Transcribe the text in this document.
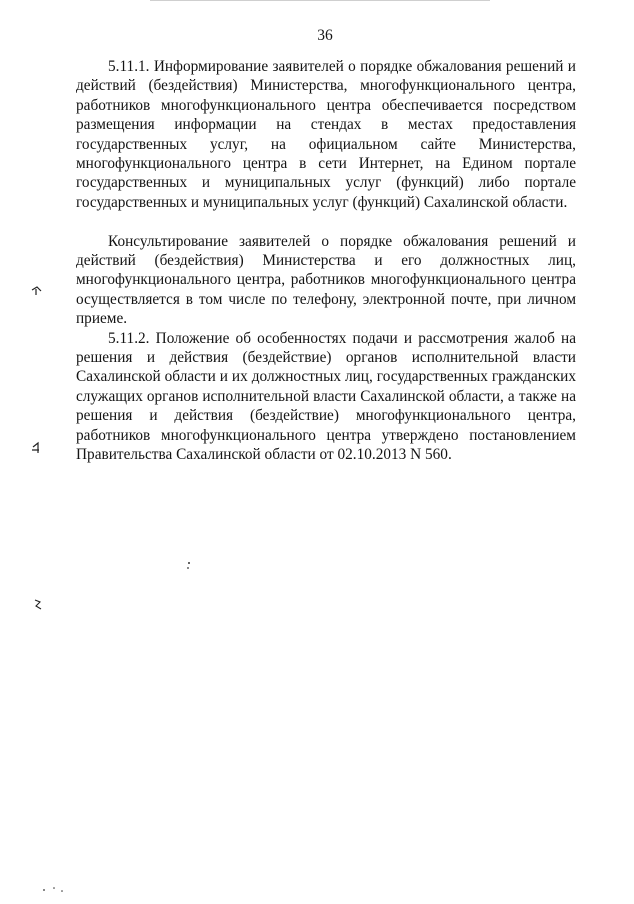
36

5.11.1. Информирование заявителей о порядке обжалования решений и действий (бездействия) Министерства, многофункционального центра, работников многофункционального центра обеспечивается посредством размещения информации на стендах в местах предоставления государственных услуг, на официальном сайте Министерства, многофункционального центра в сети Интернет, на Едином портале государственных и муниципальных услуг (функций) либо портале государственных и муниципальных услуг (функций) Сахалинской области.

Консультирование заявителей о порядке обжалования решений и действий (бездействия) Министерства и его должностных лиц, многофункционального центра, работников многофункционального центра осуществляется в том числе по телефону, электронной почте, при личном приеме.

5.11.2. Положение об особенностях подачи и рассмотрения жалоб на решения и действия (бездействие) органов исполнительной власти Сахалинской области и их должностных лиц, государственных гражданских служащих органов исполнительной власти Сахалинской области, а также на решения и действия (бездействие) многофункционального центра, работников многофункционального центра утверждено постановлением Правительства Сахалинской области от 02.10.2013 N 560.
